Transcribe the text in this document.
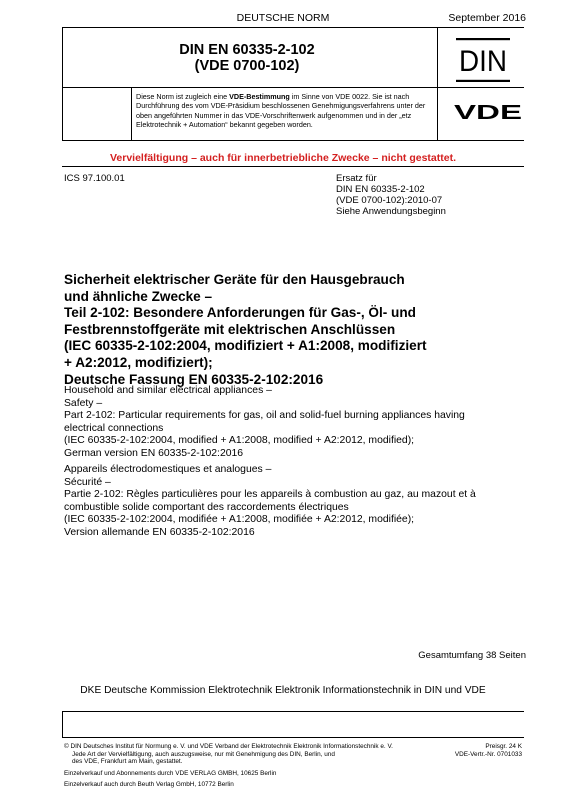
DEUTSCHE NORM	September 2016
DIN EN 60335-2-102
(VDE 0700-102)	DIN
VDE
Diese Norm ist zugleich eine VDE-Bestimmung im Sinne von VDE 0022. Sie ist nach Durchführung des vom VDE-Präsidium beschlossenen Genehmigungsverfahrens unter der oben angeführten Nummer in das VDE-Vorschriftenwerk aufgenommen und in der „etz Elektrotechnik + Automation“ bekannt gegeben worden.
Vervielfältigung – auch für innerbetriebliche Zwecke – nicht gestattet.
ICS 97.100.01	Ersatz für
DIN EN 60335-2-102
(VDE 0700-102):2010-07
Siehe Anwendungsbeginn
Sicherheit elektrischer Geräte für den Hausgebrauch
und ähnliche Zwecke –
Teil 2-102: Besondere Anforderungen für Gas-, Öl- und
Festbrennstoffgeräte mit elektrischen Anschlüssen
(IEC 60335-2-102:2004, modifiziert + A1:2008, modifiziert
+ A2:2012, modifiziert);
Deutsche Fassung EN 60335-2-102:2016
Household and similar electrical appliances –
Safety –
Part 2-102: Particular requirements for gas, oil and solid-fuel burning appliances having
electrical connections
(IEC 60335-2-102:2004, modified + A1:2008, modified + A2:2012, modified);
German version EN 60335-2-102:2016
Appareils électrodomestiques et analogues –
Sécurité –
Partie 2-102: Règles particulières pour les appareils à combustion au gaz, au mazout et à
combustible solide comportant des raccordements électriques
(IEC 60335-2-102:2004, modifiée + A1:2008, modifiée + A2:2012, modifiée);
Version allemande EN 60335-2-102:2016
Gesamtumfang 38 Seiten
DKE Deutsche Kommission Elektrotechnik Elektronik Informationstechnik in DIN und VDE
© DIN Deutsches Institut für Normung e. V. und VDE Verband der Elektrotechnik Elektronik Informationstechnik e. V.
Jede Art der Vervielfältigung, auch auszugsweise, nur mit Genehmigung des DIN, Berlin, und
des VDE, Frankfurt am Main, gestattet.
Preisgr. 24 K
VDE-Vertr.-Nr. 0701033
Einzelverkauf und Abonnements durch VDE VERLAG GMBH, 10625 Berlin
Einzelverkauf auch durch Beuth Verlag GmbH, 10772 Berlin
